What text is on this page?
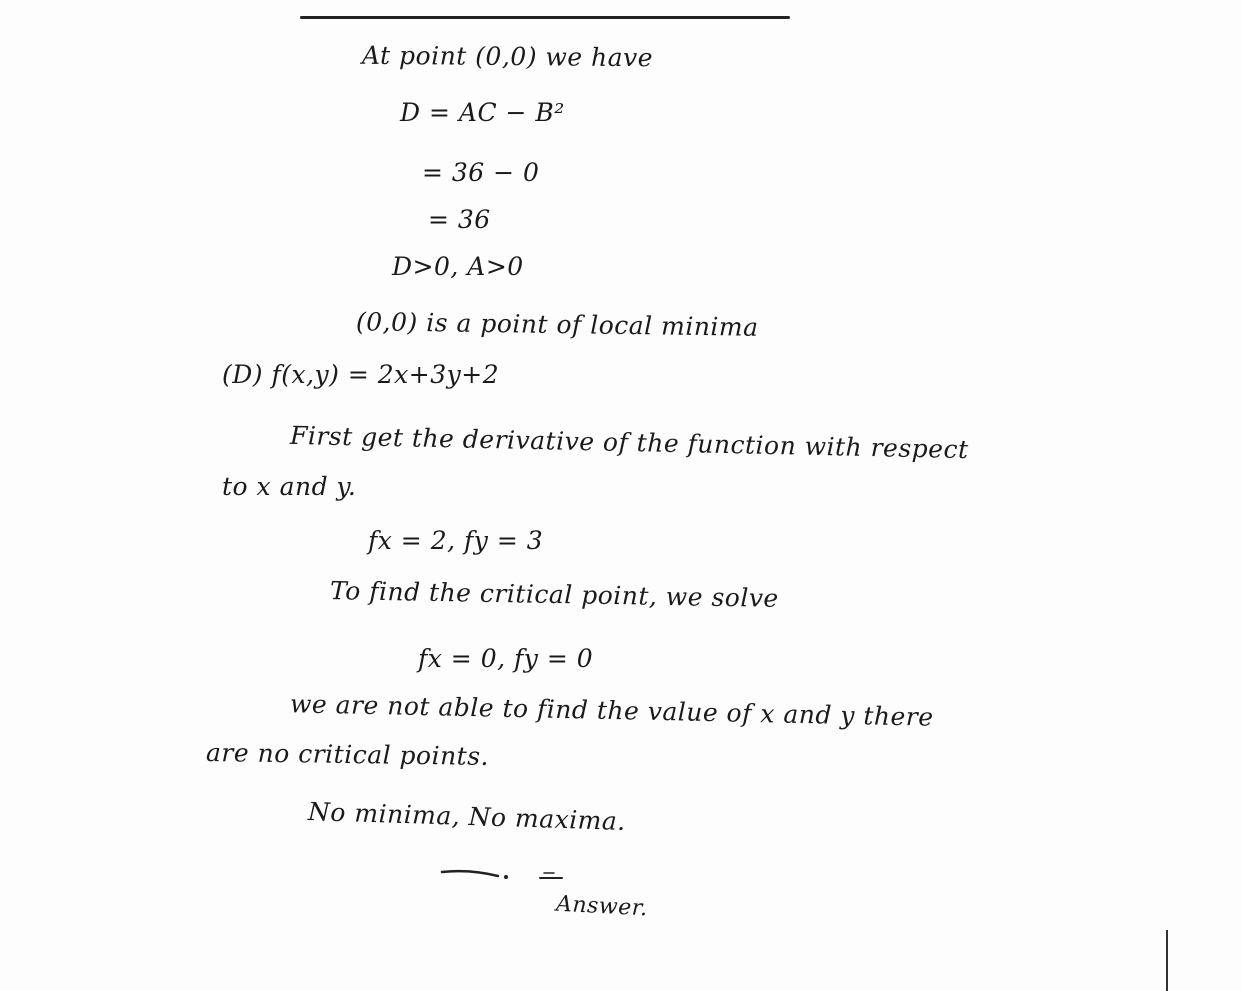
At point (0,0) we have
D = AC − B²
= 36 − 0
= 36
D>0, A>0
(0,0) is a point of local minima
(D) f(x,y) = 2x+3y+2
First get the derivative of the function with respect
to x and y.
fx = 2, fy = 3
To find the critical point, we solve
fx = 0, fy = 0
we are not able to find the value of x and y there
are no critical points.
No minima, No maxima.
Answer.
